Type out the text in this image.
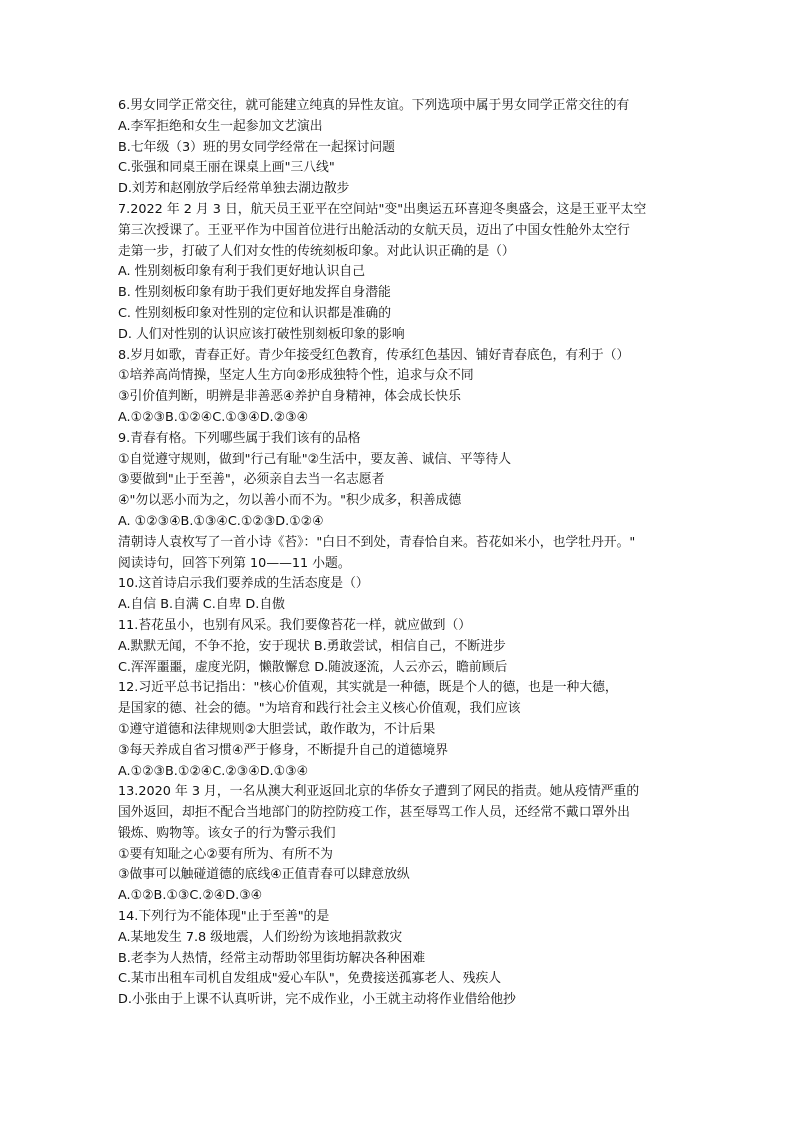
6.男女同学正常交往，就可能建立纯真的异性友谊。下列选项中属于男女同学正常交往的有
A.李军拒绝和女生一起参加文艺演出
B.七年级（3）班的男女同学经常在一起探讨问题
C.张强和同桌王丽在课桌上画"三八线"
D.刘芳和赵刚放学后经常单独去湖边散步
7.2022 年 2 月 3 日，航天员王亚平在空间站"变"出奥运五环喜迎冬奥盛会，这是王亚平太空
第三次授课了。王亚平作为中国首位进行出舱活动的女航天员，迈出了中国女性舱外太空行
走第一步，打破了人们对女性的传统刻板印象。对此认识正确的是（）
A. 性别刻板印象有利于我们更好地认识自己
B. 性别刻板印象有助于我们更好地发挥自身潜能
C. 性别刻板印象对性别的定位和认识都是准确的
D. 人们对性别的认识应该打破性别刻板印象的影响
8.岁月如歌，青春正好。青少年接受红色教育，传承红色基因、铺好青春底色，有利于（）
①培养高尚情操，坚定人生方向②形成独特个性，追求与众不同
③引价值判断，明辨是非善恶④养护自身精神，体会成长快乐
A.①②③B.①②④C.①③④D.②③④
9.青春有格。下列哪些属于我们该有的品格
①自觉遵守规则，做到"行己有耻"②生活中，要友善、诚信、平等待人
③要做到"止于至善"，必须亲自去当一名志愿者
④"勿以恶小而为之，勿以善小而不为。"积少成多，积善成德
A. ①②③④B.①③④C.①②③D.①②④
清朝诗人袁枚写了一首小诗《苔》："白日不到处，青春恰自来。苔花如米小，也学牡丹开。"
阅读诗句，回答下列第 10——11 小题。
10.这首诗启示我们要养成的生活态度是（）
A.自信 B.自满 C.自卑 D.自傲
11.苔花虽小，也别有风采。我们要像苔花一样，就应做到（）
A.默默无闻，不争不抢，安于现状 B.勇敢尝试，相信自己，不断进步
C.浑浑噩噩，虚度光阴，懒散懈怠 D.随波逐流，人云亦云，瞻前顾后
12.习近平总书记指出："核心价值观，其实就是一种德，既是个人的德，也是一种大德，
是国家的德、社会的德。"为培育和践行社会主义核心价值观，我们应该
①遵守道德和法律规则②大胆尝试，敢作敢为，不计后果
③每天养成自省习惯④严于修身，不断提升自己的道德境界
A.①②③B.①②④C.②③④D.①③④
13.2020 年 3 月，一名从澳大利亚返回北京的华侨女子遭到了网民的指责。她从疫情严重的
国外返回，却拒不配合当地部门的防控防疫工作，甚至辱骂工作人员，还经常不戴口罩外出
锻炼、购物等。该女子的行为警示我们
①要有知耻之心②要有所为、有所不为
③做事可以触碰道德的底线④正值青春可以肆意放纵
A.①②B.①③C.②④D.③④
14.下列行为不能体现"止于至善"的是
A.某地发生 7.8 级地震，人们纷纷为该地捐款救灾
B.老李为人热情，经常主动帮助邻里街坊解决各种困难
C.某市出租车司机自发组成"爱心车队"，免费接送孤寡老人、残疾人
D.小张由于上课不认真听讲，完不成作业，小王就主动将作业借给他抄
